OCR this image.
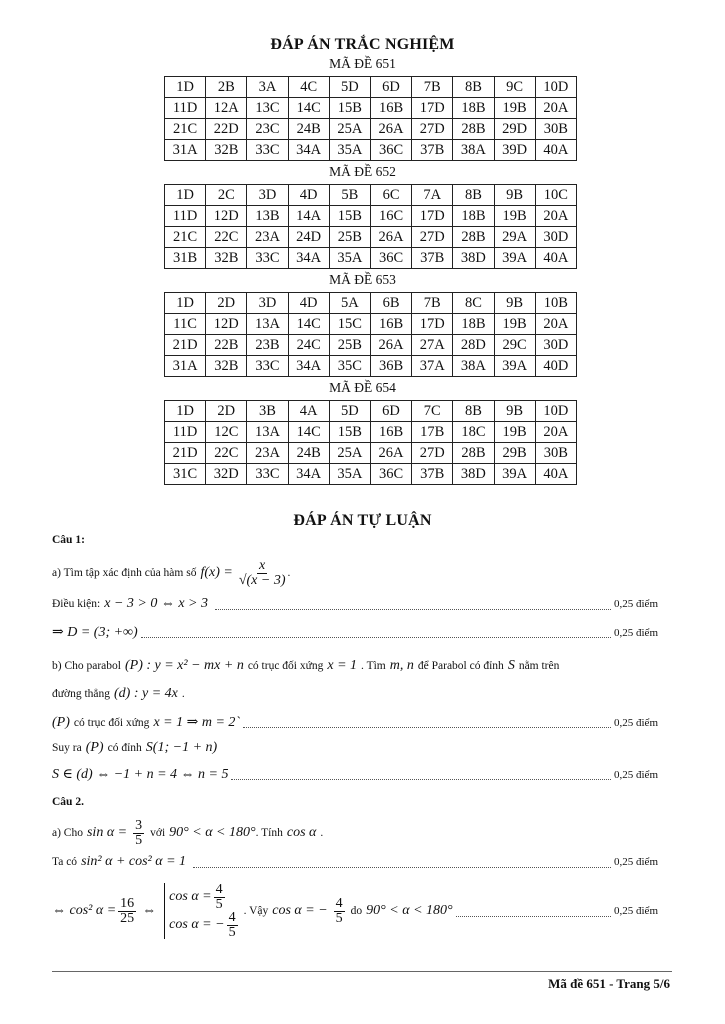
ĐÁP ÁN TRẮC NGHIỆM
MÃ ĐỀ 651
1D	2B	3A	4C	5D	6D	7B	8B	9C	10D
11D	12A	13C	14C	15B	16B	17D	18B	19B	20A
21C	22D	23C	24B	25A	26A	27D	28B	29D	30B
31A	32B	33C	34A	35A	36C	37B	38A	39D	40A
MÃ ĐỀ 652
1D	2C	3D	4D	5B	6C	7A	8B	9B	10C
11D	12D	13B	14A	15B	16C	17D	18B	19B	20A
21C	22C	23A	24D	25B	26A	27D	28B	29A	30D
31B	32B	33C	34A	35A	36C	37B	38D	39A	40A
MÃ ĐỀ 653
1D	2D	3D	4D	5A	6B	7B	8C	9B	10B
11C	12D	13A	14C	15C	16B	17D	18B	19B	20A
21D	22B	23B	24C	25B	26A	27A	28D	29C	30D
31A	32B	33C	34A	35C	36B	37A	38A	39A	40D
MÃ ĐỀ 654
1D	2D	3B	4A	5D	6D	7C	8B	9B	10D
11D	12C	13A	14C	15B	16B	17B	18C	19B	20A
21D	22C	23A	24B	25A	26A	27D	28B	29B	30B
31C	32D	33C	34A	35A	36C	37B	38D	39A	40A
ĐÁP ÁN TỰ LUẬN
Câu 1:
a) Tìm tập xác định của hàm số $f(x) = \frac{x}{√(x - 3)}$ .
Điều kiện: x − 3 > 0 ⇔ x > 3	0,25 điểm
⇒ D = (3; +∞)	0,25 điểm
b) Cho parabol (P) : y = x² − mx + n có trục đối xứng x = 1 . Tìm m, n để Parabol có đỉnh S nằm trên
đường thẳng (d) : y = 4x .
(P) có trục đối xứng x = 1 ⇒ m = 2`	0,25 điểm
Suy ra (P) có đỉnh S(1; −1 + n)
S ∈ (d) ⇔ −1 + n = 4 ⇔ n = 5	0,25 điểm
Câu 2.
a) Cho $\sin \alpha = \frac{3}{5}$ với 90° < α < 180° . Tính cos α .
Ta có sin² α + cos² α = 1	0,25 điểm
⇔ cos² $\alpha = \frac{16}{25}$ ⇔
$\cos \alpha = \frac{4}{5}$
cos α = − $\frac{4}{5}$ . Vậy cos α = − $\frac{4}{5}$ do 90° < α < 180°	0,25 điểm
Mã đề 651 - Trang 5/6
